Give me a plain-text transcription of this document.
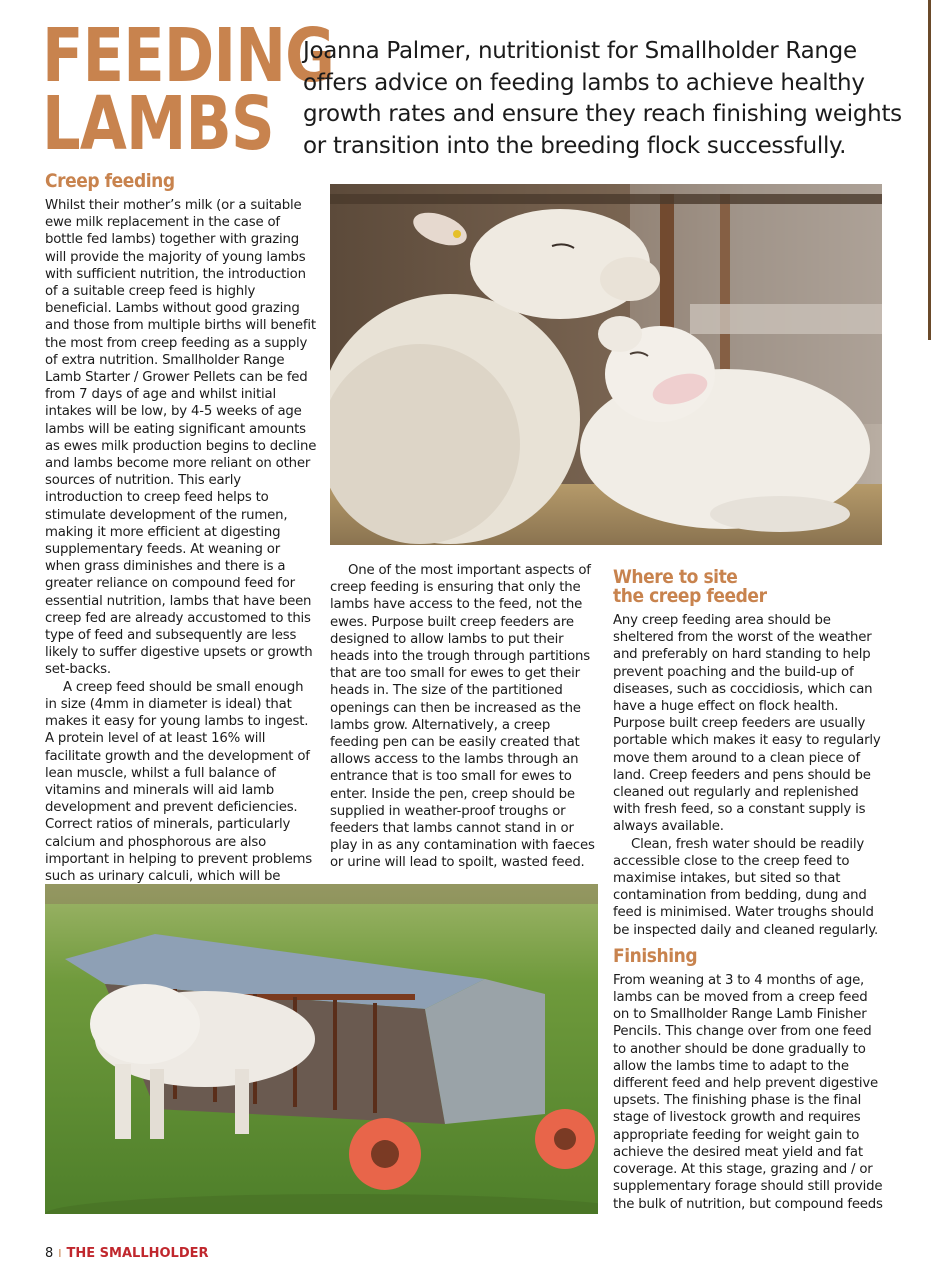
FEEDING
LAMBS

Joanna Palmer, nutritionist for Smallholder Range offers advice on feeding lambs to achieve healthy growth rates and ensure they reach finishing weights or transition into the breeding flock successfully.

Creep feeding

Whilst their mother’s milk (or a suitable ewe milk replacement in the case of bottle fed lambs) together with grazing will provide the majority of young lambs with sufficient nutrition, the introduction of a suitable creep feed is highly beneficial. Lambs without good grazing and those from multiple births will benefit the most from creep feeding as a supply of extra nutrition. Smallholder Range Lamb Starter / Grower Pellets can be fed from 7 days of age and whilst initial intakes will be low, by 4-5 weeks of age lambs will be eating significant amounts as ewes milk production begins to decline and lambs become more reliant on other sources of nutrition. This early introduction to creep feed helps to stimulate development of the rumen, making it more efficient at digesting supplementary feeds. At weaning or when grass diminishes and there is a greater reliance on compound feed for essential nutrition, lambs that have been creep fed are already accustomed to this type of feed and subsequently are less likely to suffer digestive upsets or growth set-backs.

A creep feed should be small enough in size (4mm in diameter is ideal) that makes it easy for young lambs to ingest. A protein level of at least 16% will facilitate growth and the development of lean muscle, whilst a full balance of vitamins and minerals will aid lamb development and prevent deficiencies. Correct ratios of minerals, particularly calcium and phosphorous are also important in helping to prevent problems such as urinary calculi, which will be

One of the most important aspects of creep feeding is ensuring that only the lambs have access to the feed, not the ewes. Purpose built creep feeders are designed to allow lambs to put their heads into the trough through partitions that are too small for ewes to get their heads in. The size of the partitioned openings can then be increased as the lambs grow. Alternatively, a creep feeding pen can be easily created that allows access to the lambs through an entrance that is too small for ewes to enter. Inside the pen, creep should be supplied in weather-proof troughs or feeders that lambs cannot stand in or play in as any contamination with faeces or urine will lead to spoilt, wasted feed.

Where to site
the creep feeder

Any creep feeding area should be sheltered from the worst of the weather and preferably on hard standing to help prevent poaching and the build-up of diseases, such as coccidiosis, which can have a huge effect on flock health. Purpose built creep feeders are usually portable which makes it easy to regularly move them around to a clean piece of land. Creep feeders and pens should be cleaned out regularly and replenished with fresh feed, so a constant supply is always available.

Clean, fresh water should be readily accessible close to the creep feed to maximise intakes, but sited so that contamination from bedding, dung and feed is minimised. Water troughs should be inspected daily and cleaned regularly.

Finishing

From weaning at 3 to 4 months of age, lambs can be moved from a creep feed on to Smallholder Range Lamb Finisher Pencils. This change over from one feed to another should be done gradually to allow the lambs time to adapt to the different feed and help prevent digestive upsets. The finishing phase is the final stage of livestock growth and requires appropriate feeding for weight gain to achieve the desired meat yield and fat coverage. At this stage, grazing and / or supplementary forage should still provide the bulk of nutrition, but compound feeds

8 I THE SMALLHOLDER
